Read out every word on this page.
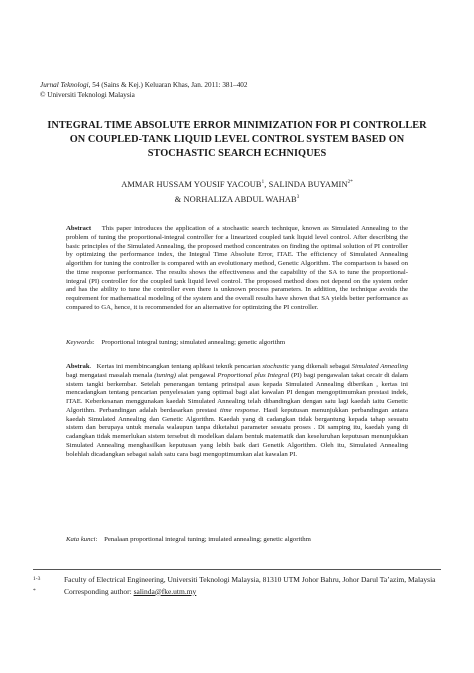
Jurnal Teknologi, 54 (Sains & Kej.) Keluaran Khas, Jan. 2011: 381–402
© Universiti Teknologi Malaysia
INTEGRAL TIME ABSOLUTE ERROR MINIMIZATION FOR PI CONTROLLER ON COUPLED-TANK LIQUID LEVEL CONTROL SYSTEM BASED ON STOCHASTIC SEARCH ECHNIQUES
AMMAR HUSSAM YOUSIF YACOUB$^1$, SALINDA $BUYAMIN^{2*}$
& NORHALIZA ABDUL WAHAB$^3$
Abstract This paper introduces the application of a stochastic search technique, known as Simulated Annealing to the problem of tuning the proportional-integral controller for a linearized coupled tank liquid level control. After describing the basic principles of the Simulated Annealing, the proposed method concentrates on finding the optimal solution of PI controller by optimizing the performance index, the Integral Time Absolute Error, ITAE. The efficiency of Simulated Annealing algorithm for tuning the controller is compared with an evolutionary method, Genetic Algorithm. The comparison is based on the time response performance. The results shows the effectiveness and the capability of the SA to tune the proportional-integral (PI) controller for the coupled tank liquid level control. The proposed method does not depend on the system order and has the ability to tune the controller even there is unknown process parameters. In addition, the technique avoids the requirement for mathematical modeling of the system and the overall results have shown that SA yields better performance as compared to GA, hence, it is recommended for an alternative for optimizing the PI controller.
Keywords:    Proportional integral tuning; simulated annealing; genetic algorithm
Abstrak.   Kertas ini membincangkan tentang aplikasi teknik pencarian stochastic yang dikenali sebagai Simulated Annealing bagi mengatasi masalah menala (tuning) alat pengawal Proportional plus Integral (PI) bagi pengawalan takat cecair di dalam sistem tangki berkembar. Setelah penerangan tentang prinsipal asas kepada Simulated Annealing diberikan , kertas ini mencadangkan tentang pencarian penyelesaian yang optimal bagi alat kawalan PI dengan mengoptimumkan prestasi indek, ITAE. Keberkesanan menggunakan kaedah Simulated Annealing telah dibandingkan dengan satu lagi kaedah iaitu Genetic Algorithm. Perbandingan adalah berdasarkan prestasi time response. Hasil keputusan menunjukkan perbandingan antara kaedah Simulated Annealing dan Genetic Algorithm. Kaedah yang di cadangkan tidak bergantung kepada tahap sesuatu sistem dan berupaya untuk menala walaupun tanpa diketahui parameter sesuatu proses . Di samping itu, kaedah yang di cadangkan tidak memerlukan sistem tersebut di modelkan dalam bentuk matematik dan keseluruhan keputusan menunjukkan Simulated Annealing menghasilkan keputusan yang lebih baik dari Genetik Algorithm. Oleh itu, Simulated Annealing bolehlah dicadangkan sebagai salah satu cara bagi mengoptimumkan alat kawalan PI.
Kata kunci:    Penalaan proportional integral tuning; imulated annealing; genetic algorithm
1-3	Faculty of Electrical Engineering, Universiti Teknologi Malaysia, 81310 UTM Johor Bahru, Johor Darul Ta’azim, Malaysia
*	Corresponding author: salinda@fke.utm.my
